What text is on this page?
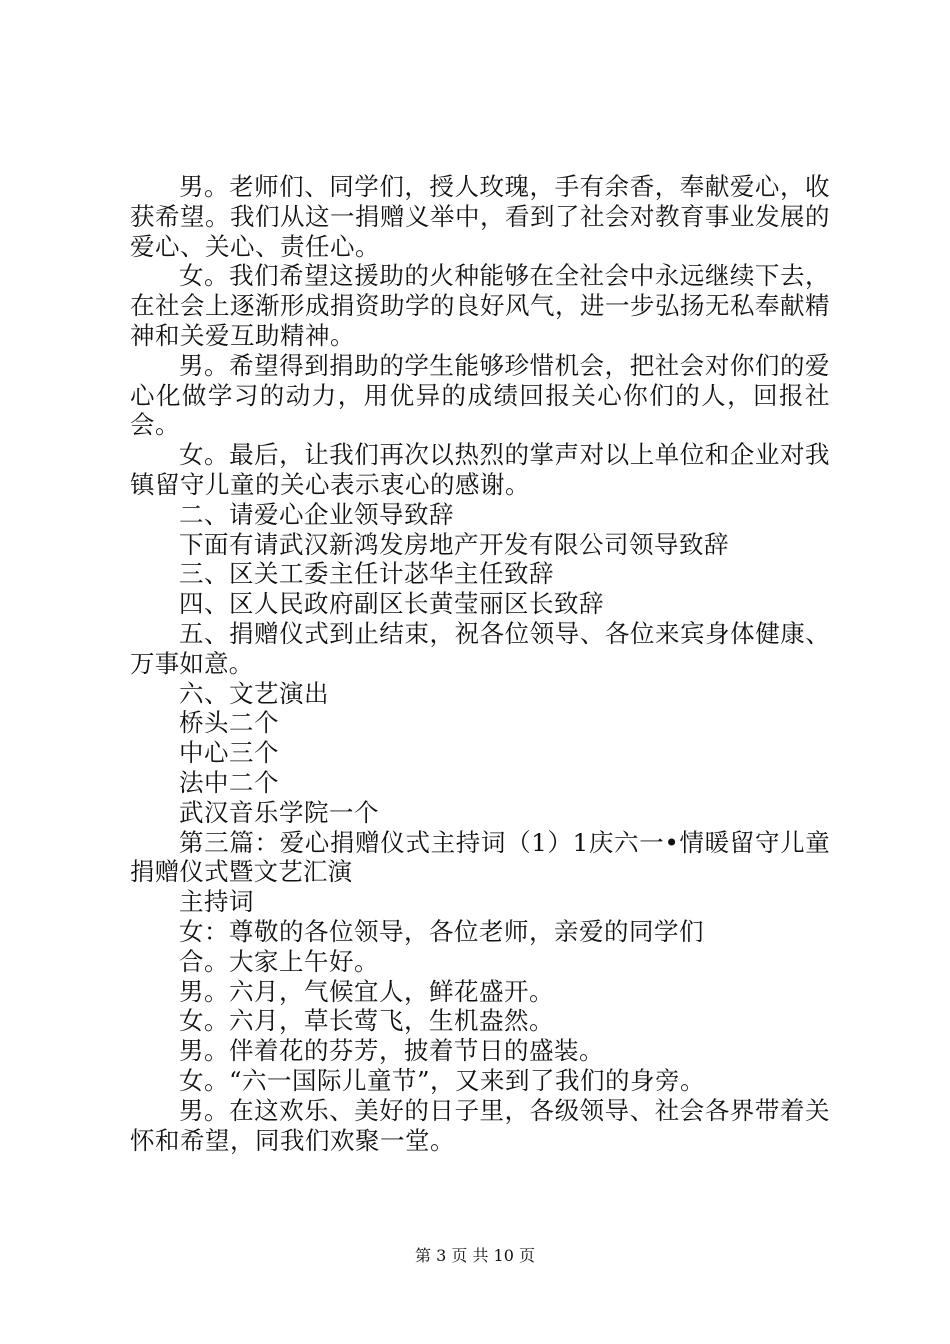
男。老师们、同学们，授人玫瑰，手有余香，奉献爱心，收获希望。我们从这一捐赠义举中，看到了社会对教育事业发展的爱心、关心、责任心。

女。我们希望这援助的火种能够在全社会中永远继续下去，在社会上逐渐形成捐资助学的良好风气，进一步弘扬无私奉献精神和关爱互助精神。

男。希望得到捐助的学生能够珍惜机会，把社会对你们的爱心化做学习的动力，用优异的成绩回报关心你们的人，回报社会。

女。最后，让我们再次以热烈的掌声对以上单位和企业对我镇留守儿童的关心表示衷心的感谢。

二、请爱心企业领导致辞

下面有请武汉新鸿发房地产开发有限公司领导致辞

三、区关工委主任计苾华主任致辞

四、区人民政府副区长黄莹丽区长致辞

五、捐赠仪式到止结束，祝各位领导、各位来宾身体健康、万事如意。

六、文艺演出

桥头二个

中心三个

法中二个

武汉音乐学院一个

第三篇：爱心捐赠仪式主持词（1）1庆六一•情暖留守儿童捐赠仪式暨文艺汇演

主持词

女：尊敬的各位领导，各位老师，亲爱的同学们

合。大家上午好。

男。六月，气候宜人，鲜花盛开。

女。六月，草长莺飞，生机盎然。

男。伴着花的芬芳，披着节日的盛装。

女。“六一国际儿童节”，又来到了我们的身旁。

男。在这欢乐、美好的日子里，各级领导、社会各界带着关怀和希望，同我们欢聚一堂。

第 3 页 共 10 页
